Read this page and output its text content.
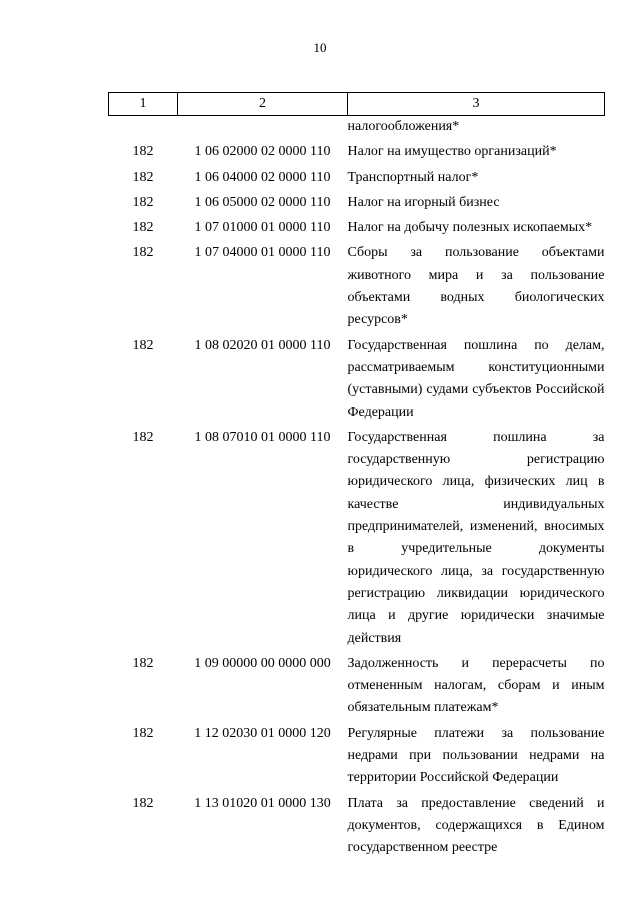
10
1	2	3
		налогообложения*
182	1 06 02000 02 0000 110	Налог на имущество организаций*
182	1 06 04000 02 0000 110	Транспортный налог*
182	1 06 05000 02 0000 110	Налог на игорный бизнес
182	1 07 01000 01 0000 110	Налог на добычу полезных ископаемых*
182	1 07 04000 01 0000 110	Сборы за пользование объектами животного мира и за пользование объектами водных биологических ресурсов*
182	1 08 02020 01 0000 110	Государственная пошлина по делам, рассматриваемым конституционными (уставными) судами субъектов Российской Федерации
182	1 08 07010 01 0000 110	Государственная пошлина за государственную регистрацию юридического лица, физических лиц в качестве индивидуальных предпринимателей, изменений, вносимых в учредительные документы юридического лица, за государственную регистрацию ликвидации юридического лица и другие юридически значимые действия
182	1 09 00000 00 0000 000	Задолженность и перерасчеты по отмененным налогам, сборам и иным обязательным платежам*
182	1 12 02030 01 0000 120	Регулярные платежи за пользование недрами при пользовании недрами на территории Российской Федерации
182	1 13 01020 01 0000 130	Плата за предоставление сведений и документов, содержащихся в Едином государственном реестре
